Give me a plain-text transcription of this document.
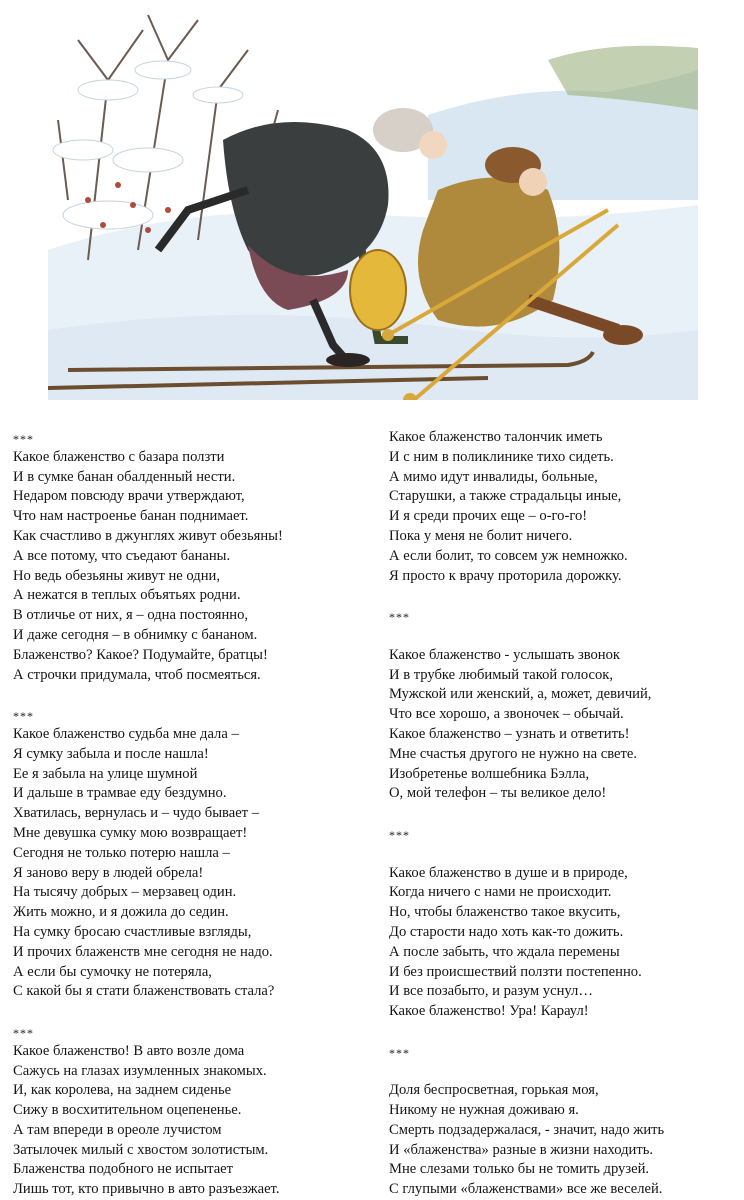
***
Какое блаженство с базара ползти
И в сумке банан обалденный нести.
Недаром повсюду врачи утверждают,
Что нам настроенье банан поднимает.
Как счастливо в джунглях живут обезьяны!
А все потому, что съедают бананы.
Но ведь обезьяны живут не одни,
А нежатся в теплых объятьях родни.
В отличье от них, я – одна постоянно,
И даже сегодня – в обнимку с бананом.
Блаженство? Какое? Подумайте, братцы!
А строчки придумала, чтоб посмеяться.
***
Какое блаженство судьба мне дала –
Я сумку забыла и после нашла!
Ее я забыла на улице шумной
И дальше в трамвае еду бездумно.
Хватилась, вернулась и – чудо бывает –
Мне девушка сумку мою возвращает!
Сегодня не только потерю нашла –
Я заново веру в людей обрела!
На тысячу добрых – мерзавец один.
Жить можно, и я дожила до седин.
На сумку бросаю счастливые взгляды,
И прочих блаженств мне сегодня не надо.
А если бы сумочку не потеряла,
С какой бы я стати блаженствовать стала?
***
Какое блаженство! В авто возле дома
Сажусь на глазах изумленных знакомых.
И, как королева, на заднем сиденье
Сижу в восхитительном оцепененье.
А там впереди в ореоле лучистом
Затылочек милый с хвостом золотистым.
Блаженства подобного не испытает
Лишь тот, кто привычно в авто разъезжает.
Какое блаженство талончик иметь
И с ним в поликлинике тихо сидеть.
А мимо идут инвалиды, больные,
Старушки, а также страдальцы иные,
И я среди прочих еще – о-го-го!
Пока у меня не болит ничего.
А если болит, то совсем уж немножко.
Я просто к врачу проторила дорожку.
***
Какое блаженство - услышать звонок
И в трубке любимый такой голосок,
Мужской или женский, а, может, девичий,
Что все хорошо, а звоночек – обычай.
Какое блаженство – узнать и ответить!
Мне счастья другого не нужно на свете.
Изобретенье волшебника Бэлла,
О, мой телефон – ты великое дело!
***
Какое блаженство в душе и в природе,
Когда ничего с нами не происходит.
Но, чтобы блаженство такое вкусить,
До старости надо хоть как-то дожить.
А после забыть, что ждала перемены
И без происшествий ползти постепенно.
И все позабыто, и разум уснул…
Какое блаженство! Ура! Караул!
***
Доля беспросветная, горькая моя,
Никому не нужная доживаю я.
Смерть подзадержалася, - значит, надо жить
И «блаженства» разные в жизни находить.
Мне слезами только бы не томить друзей.
С глупыми «блаженствами» все же веселей.
